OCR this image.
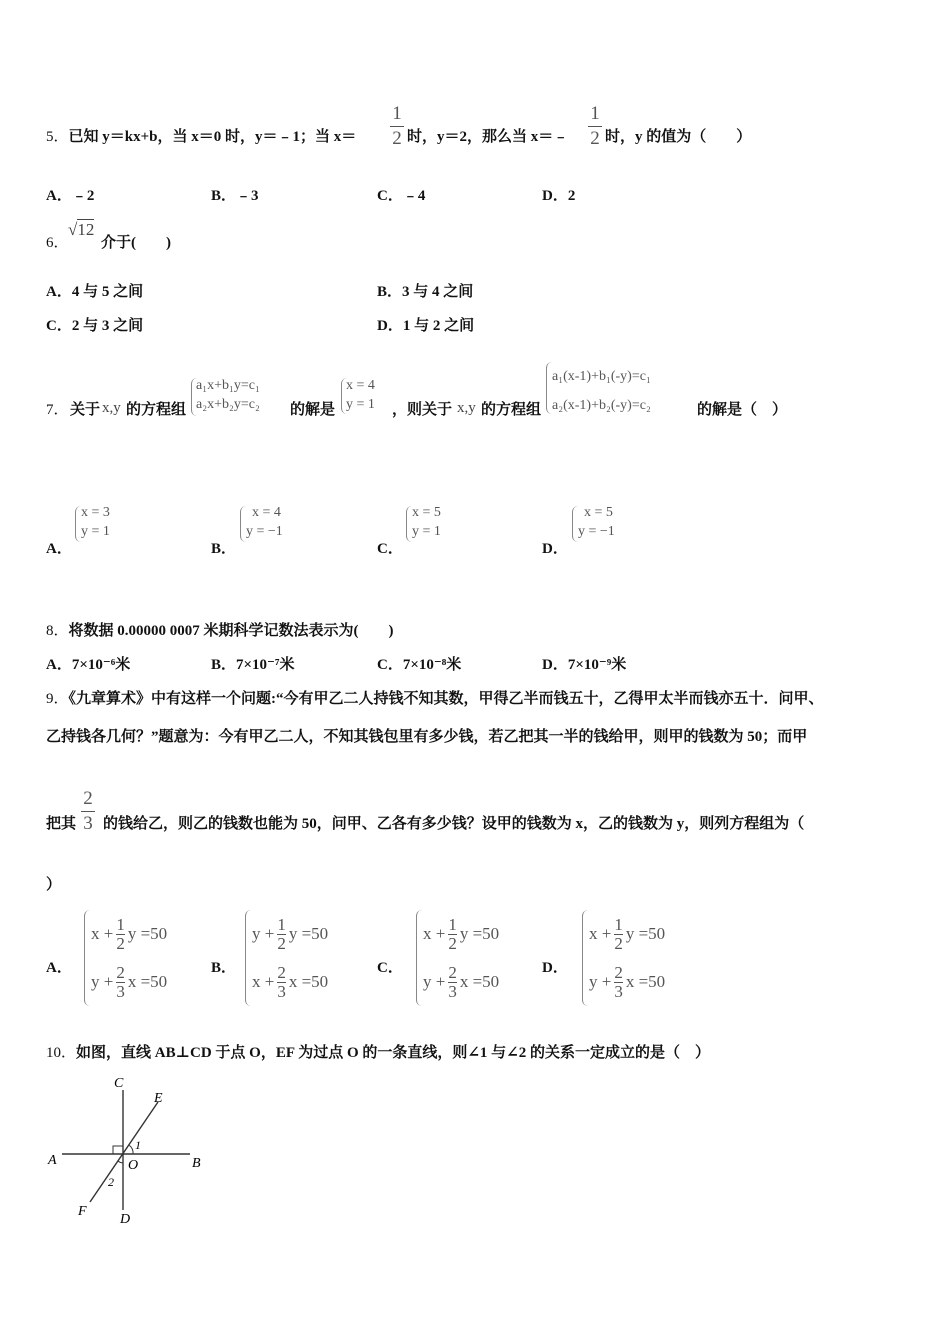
5．已知 y＝kx+b，当 x＝0 时，y＝﹣1；当 x＝
1
2 时，y＝2，那么当 x＝﹣
1
2 时，y 的值为（　　）
A．﹣2	B．﹣3	C．﹣4	D．2
6．
√12
介于(　　)
A．4 与 5 之间	B．3 与 4 之间
C．2 与 3 之间	D．1 与 2 之间
7． 关于 x,y 的方程组
a₁x+b₁y=c₁
a₂x+b₂y=c₂ 的解是
x = 4
y = 1 ，则关于 x,y 的方程组
a₁(x-1)+b₁(-y)=c₁
a₂(x-1)+b₂(-y)=c₂	的解是（　）
A．
x = 3
y = 1
B．
x = 4
y = −1
C．
x = 5
y = 1
D．
x = 5
y = −1
8．将数据 0.00000 0007 米期科学记数法表示为(　　)
A．7×10⁻⁶米	B．7×10⁻⁷米	C．7×10⁻⁸米	D．7×10⁻⁹米
9．《九章算术》中有这样一个问题:“今有甲乙二人持钱不知其数，甲得乙半而钱五十，乙得甲太半而钱亦五十．问甲、
乙持钱各几何？”题意为：今有甲乙二人，不知其钱包里有多少钱，若乙把其一半的钱给甲，则甲的钱数为 50；而甲
把其
2
3 的钱给乙，则乙的钱数也能为 50，问甲、乙各有多少钱？设甲的钱数为 x，乙的钱数为 y，则列方程组为（
）
A．
x + 1
2 y =50
y + 2
3 x =50
B．
y + 1
2 y =50
x + 2
3 x =50
C．
x + 1
2 y =50
y + 2
3 x =50
D．
x + 1
2 y =50
y + 2
3 x =50
10．如图，直线 AB⊥CD 于点 O，EF 为过点 O 的一条直线，则∠1 与∠2 的关系一定成立的是（　）
A	B
C
D
E
F
O
1
2
